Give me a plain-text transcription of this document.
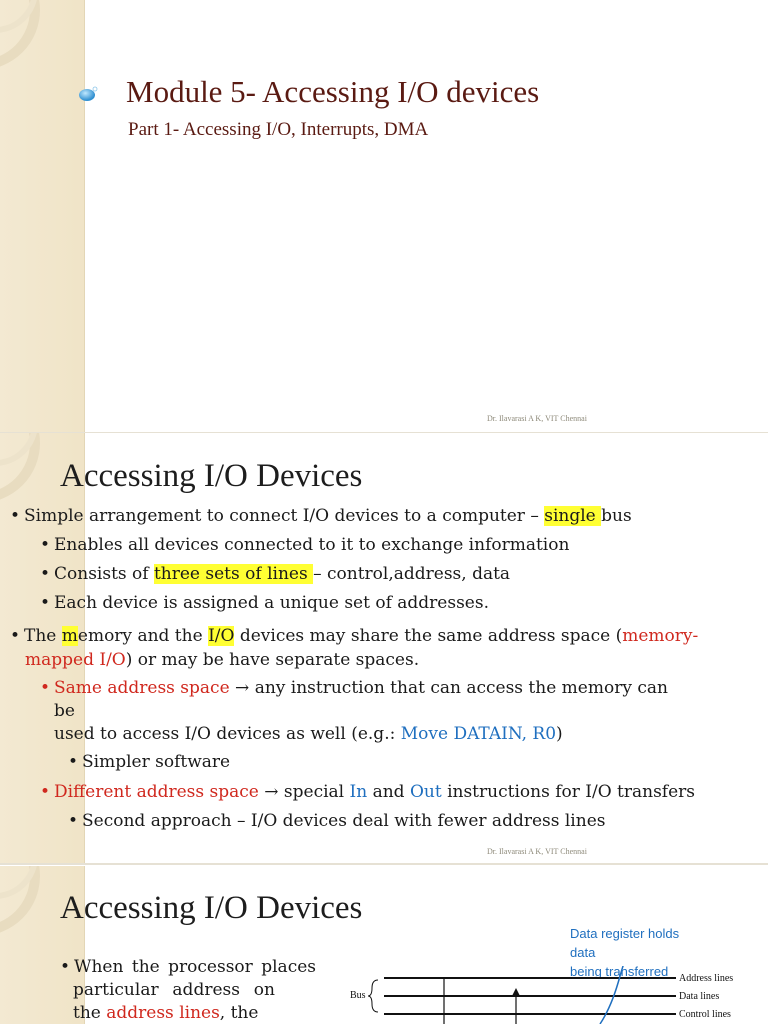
Module 5- Accessing I/O devices
Part 1- Accessing I/O, Interrupts, DMA
Dr. Ilavarasi A K, VIT Chennai
Accessing I/O Devices
• Simple arrangement to connect I/O devices to a computer – single bus
• Enables all devices connected to it to exchange information
• Consists of three sets of lines – control,address, data
• Each device is assigned a unique set of addresses.
• The memory and the I/O devices may share the same address space (memory-
mapped I/O) or may be have separate spaces.
• Same address space → any instruction that can access the memory can
be
used to access I/O devices as well (e.g.: Move DATAIN, R0)
• Simpler software
• Different address space → special In and Out instructions for I/O transfers
• Second approach – I/O devices deal with fewer address lines
Dr. Ilavarasi A K, VIT Chennai
Accessing I/O Devices
• When the processor places
particular address on
the address lines, the
Data register holds
data
being transferred
Bus
Address lines
Data lines
Control lines
